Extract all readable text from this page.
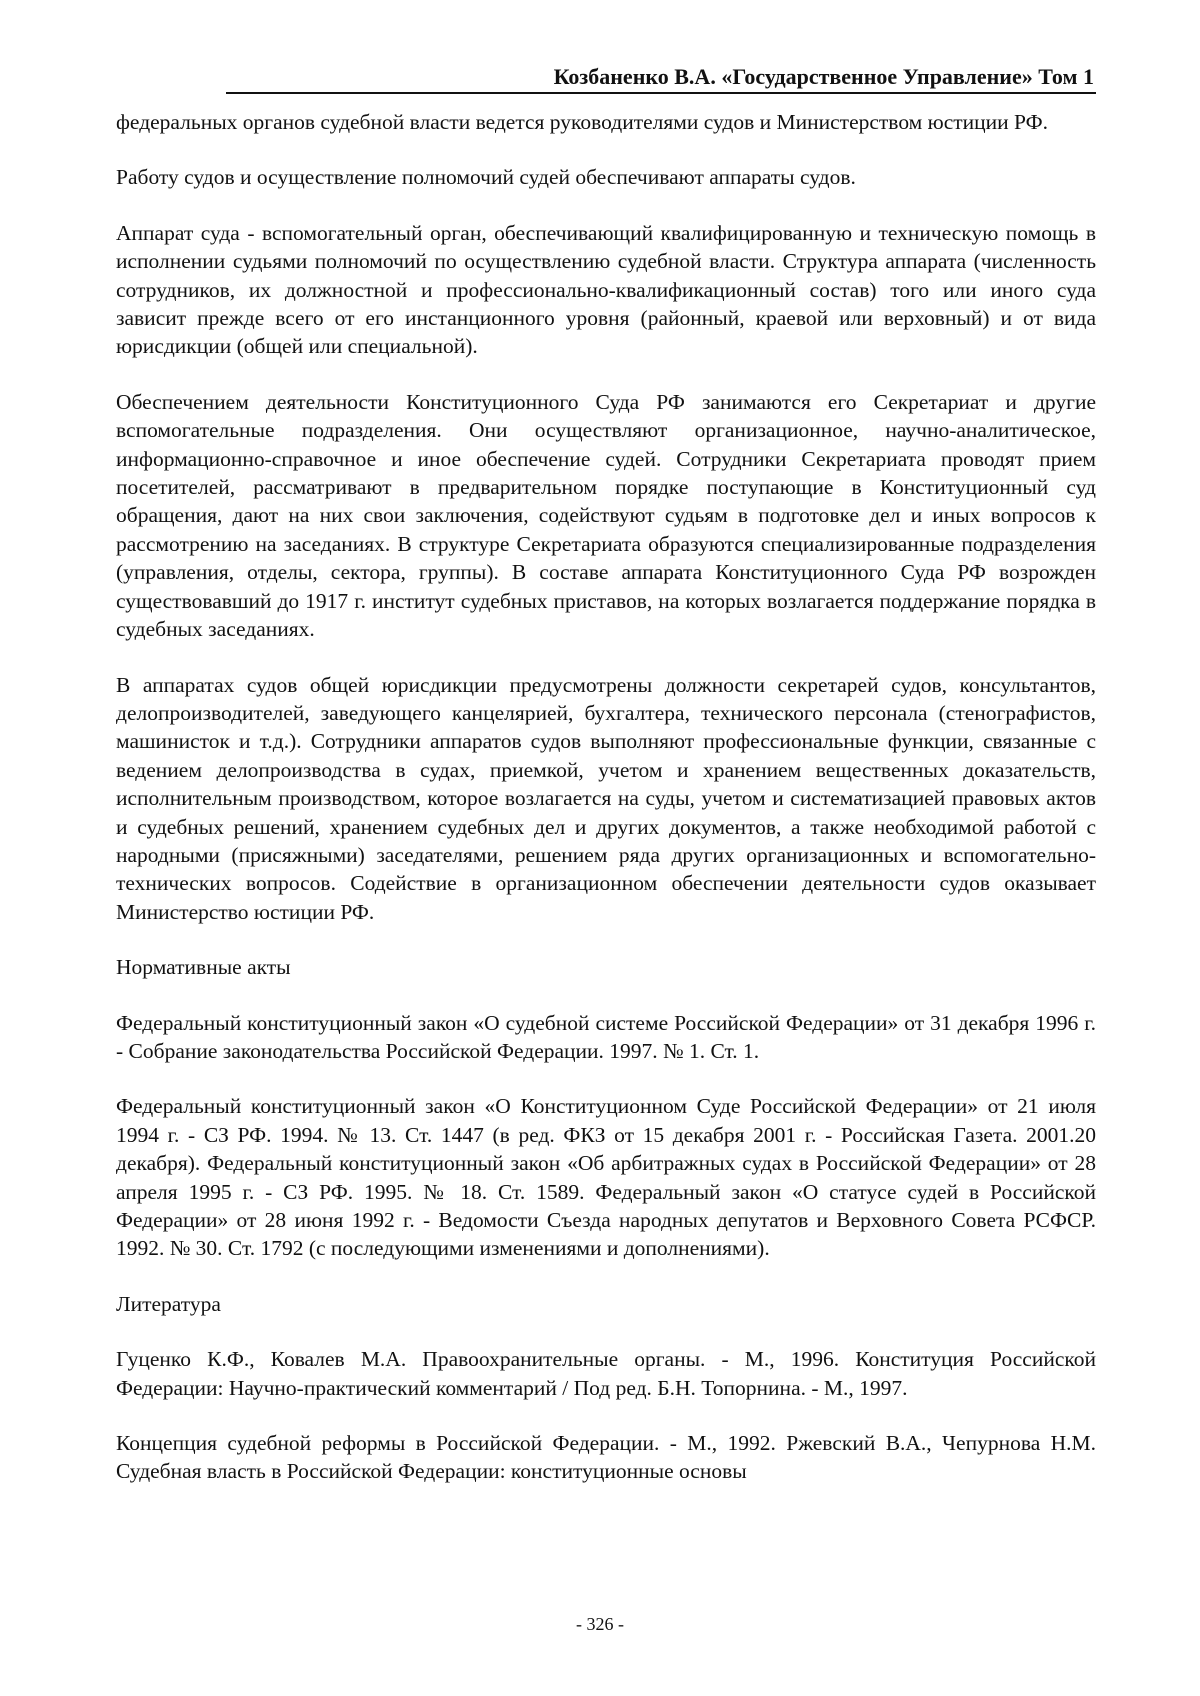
Козбаненко В.А. «Государственное Управление» Том 1

федеральных органов судебной власти ведется руководителями судов и Министерством юстиции РФ.

Работу судов и осуществление полномочий судей обеспечивают аппараты судов.

Аппарат суда - вспомогательный орган, обеспечивающий квалифицированную и техническую помощь в исполнении судьями полномочий по осуществлению судебной власти. Структура аппарата (численность сотрудников, их должностной и профессионально-квалификационный состав) того или иного суда зависит прежде всего от его инстанционного уровня (районный, краевой или верховный) и от вида юрисдикции (общей или специальной).

Обеспечением деятельности Конституционного Суда РФ занимаются его Секретариат и другие вспомогательные подразделения. Они осуществляют организационное, научно-аналитическое, информационно-справочное и иное обеспечение судей. Сотрудники Секретариата проводят прием посетителей, рассматривают в предварительном порядке поступающие в Конституционный суд обращения, дают на них свои заключения, содействуют судьям в подготовке дел и иных вопросов к рассмотрению на заседаниях. В структуре Секретариата образуются специализированные подразделения (управления, отделы, сектора, группы). В составе аппарата Конституционного Суда РФ возрожден существовавший до 1917 г. институт судебных приставов, на которых возлагается поддержание порядка в судебных заседаниях.

В аппаратах судов общей юрисдикции предусмотрены должности секретарей судов, консультантов, делопроизводителей, заведующего канцелярией, бухгалтера, технического персонала (стенографистов, машинисток и т.д.). Сотрудники аппаратов судов выполняют профессиональные функции, связанные с ведением делопроизводства в судах, приемкой, учетом и хранением вещественных доказательств, исполнительным производством, которое возлагается на суды, учетом и систематизацией правовых актов и судебных решений, хранением судебных дел и других документов, а также необходимой работой с народными (присяжными) заседателями, решением ряда других организационных и вспомогательно-технических вопросов. Содействие в организационном обеспечении деятельности судов оказывает Министерство юстиции РФ.

Нормативные акты

Федеральный конституционный закон «О судебной системе Российской Федерации» от 31 декабря 1996 г. - Собрание законодательства Российской Федерации. 1997. № 1. Ст. 1.

Федеральный конституционный закон «О Конституционном Суде Российской Федерации» от 21 июля 1994 г. - СЗ РФ. 1994. № 13. Ст. 1447 (в ред. ФКЗ от 15 декабря 2001 г. - Российская Газета. 2001.20 декабря). Федеральный конституционный закон «Об арбитражных судах в Российской Федерации» от 28 апреля 1995 г. - СЗ РФ. 1995. № 18. Ст. 1589. Федеральный закон «О статусе судей в Российской Федерации» от 28 июня 1992 г. - Ведомости Съезда народных депутатов и Верховного Совета РСФСР. 1992. № 30. Ст. 1792 (с последующими изменениями и дополнениями).

Литература

Гуценко К.Ф., Ковалев М.А. Правоохранительные органы. - М., 1996. Конституция Российской Федерации: Научно-практический комментарий / Под ред. Б.Н. Топорнина. - М., 1997.

Концепция судебной реформы в Российской Федерации. - М., 1992. Ржевский В.А., Чепурнова Н.М. Судебная власть в Российской Федерации: конституционные основы

- 326 -
